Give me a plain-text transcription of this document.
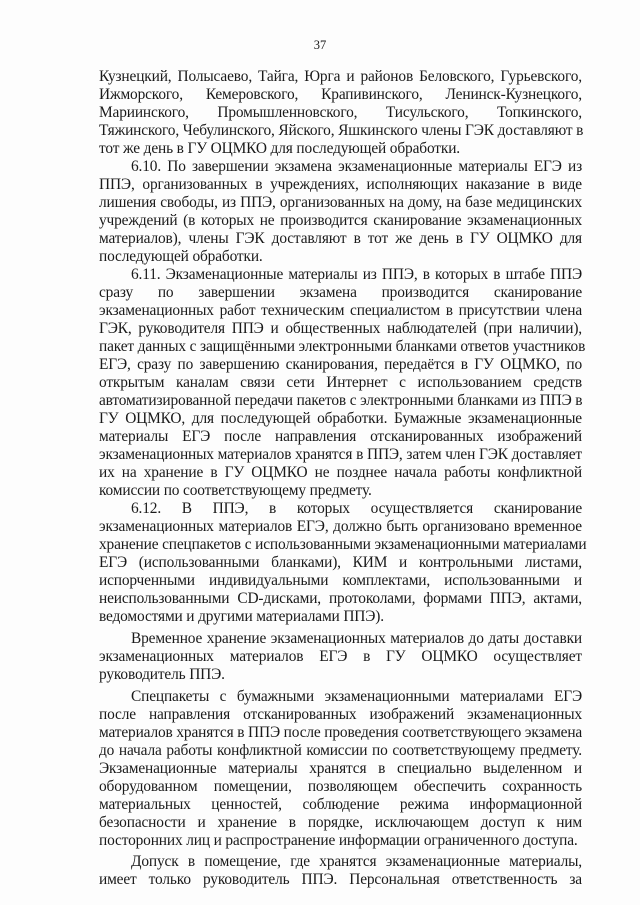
37
Кузнецкий, Полысаево, Тайга, Юрга и районов Беловского, Гурьевского,
Ижморского, Кемеровского, Крапивинского, Ленинск-Кузнецкого,
Мариинского, Промышленновского, Тисульского, Топкинского,
Тяжинского, Чебулинского, Яйского, Яшкинского члены ГЭК доставляют в
тот же день в ГУ ОЦМКО для последующей обработки.
6.10. По завершении экзамена экзаменационные материалы ЕГЭ из
ППЭ, организованных в учреждениях, исполняющих наказание в виде
лишения свободы, из ППЭ, организованных на дому, на базе медицинских
учреждений (в которых не производится сканирование экзаменационных
материалов), члены ГЭК доставляют в тот же день в ГУ ОЦМКО для
последующей обработки.
6.11. Экзаменационные материалы из ППЭ, в которых в штабе ППЭ
сразу по завершении экзамена производится сканирование
экзаменационных работ техническим специалистом в присутствии члена
ГЭК, руководителя ППЭ и общественных наблюдателей (при наличии),
пакет данных с защищёнными электронными бланками ответов участников
ЕГЭ, сразу по завершению сканирования, передаётся в ГУ ОЦМКО, по
открытым каналам связи сети Интернет с использованием средств
автоматизированной передачи пакетов с электронными бланками из ППЭ в
ГУ ОЦМКО, для последующей обработки. Бумажные экзаменационные
материалы ЕГЭ после направления отсканированных изображений
экзаменационных материалов хранятся в ППЭ, затем член ГЭК доставляет
их на хранение в ГУ ОЦМКО не позднее начала работы конфликтной
комиссии по соответствующему предмету.
6.12. В ППЭ, в которых осуществляется сканирование
экзаменационных материалов ЕГЭ, должно быть организовано временное
хранение спецпакетов с использованными экзаменационными материалами
ЕГЭ (использованными бланками), КИМ и контрольными листами,
испорченными индивидуальными комплектами, использованными и
неиспользованными CD-дисками, протоколами, формами ППЭ, актами,
ведомостями и другими материалами ППЭ).
Временное хранение экзаменационных материалов до даты доставки
экзаменационных материалов ЕГЭ в ГУ ОЦМКО осуществляет
руководитель ППЭ.
Спецпакеты с бумажными экзаменационными материалами ЕГЭ
после направления отсканированных изображений экзаменационных
материалов хранятся в ППЭ после проведения соответствующего экзамена
до начала работы конфликтной комиссии по соответствующему предмету.
Экзаменационные материалы хранятся в специально выделенном и
оборудованном помещении, позволяющем обеспечить сохранность
материальных ценностей, соблюдение режима информационной
безопасности и хранение в порядке, исключающем доступ к ним
посторонних лиц и распространение информации ограниченного доступа.
Допуск в помещение, где хранятся экзаменационные материалы,
имеет только руководитель ППЭ. Персональная ответственность за
